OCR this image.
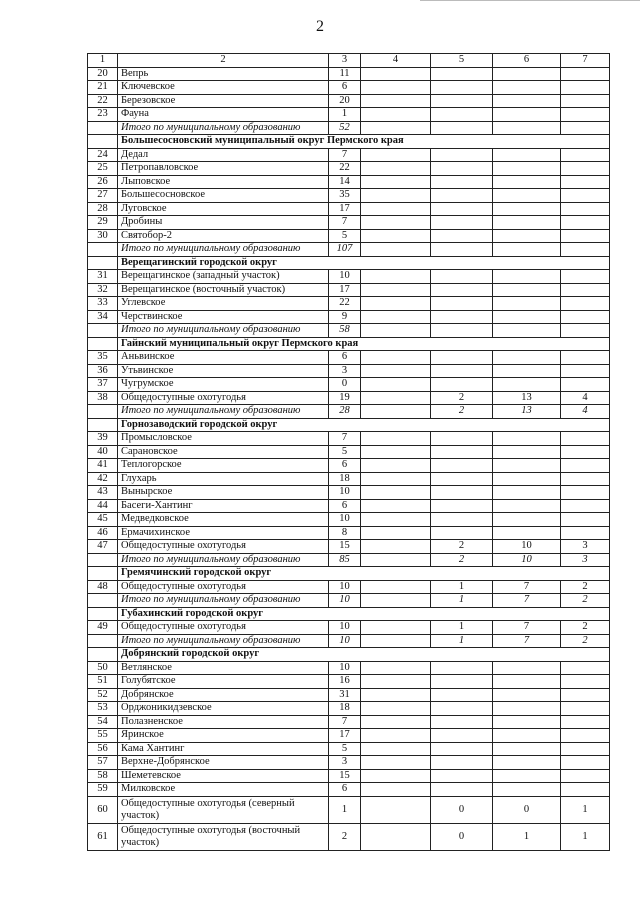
2
1	2	3	4	5	6	7
20	Вепрь	11				
21	Ключевское	6				
22	Березовское	20				
23	Фауна	1				
	Итого по муниципальному образованию	52				
	Большесосновский муниципальный округ Пермского края					
24	Дедал	7				
25	Петропавловское	22				
26	Лыповское	14				
27	Большесосновское	35				
28	Луговское	17				
29	Дробины	7				
30	Святобор-2	5				
	Итого по муниципальному образованию	107				
	Верещагинский городской округ					
31	Верещагинское (западный участок)	10				
32	Верещагинское (восточный участок)	17				
33	Углевское	22				
34	Черствинское	9				
	Итого по муниципальному образованию	58				
	Гайнский муниципальный округ Пермского края					
35	Аньвинское	6				
36	Утьвинское	3				
37	Чугрумское	0				
38	Общедоступные охотугодья	19		2	13	4
	Итого по муниципальному образованию	28		2	13	4
	Горнозаводский городской округ					
39	Промысловское	7				
40	Сарановское	5				
41	Теплогорское	6				
42	Глухарь	18				
43	Вынырское	10				
44	Басеги-Хантинг	6				
45	Медведковское	10				
46	Ермачихинское	8				
47	Общедоступные охотугодья	15		2	10	3
	Итого по муниципальному образованию	85		2	10	3
	Гремячинский городской округ					
48	Общедоступные охотугодья	10		1	7	2
	Итого по муниципальному образованию	10		1	7	2
	Губахинский городской округ					
49	Общедоступные охотугодья	10		1	7	2
	Итого по муниципальному образованию	10		1	7	2
	Добрянский городской округ					
50	Ветлянское	10				
51	Голубятское	16				
52	Добрянское	31				
53	Орджоникидзевское	18				
54	Полазненское	7				
55	Яринское	17				
56	Кама Хантинг	5				
57	Верхне-Добрянское	3				
58	Шеметевское	15				
59	Милковское	6				
60	Общедоступные охотугодья (северный участок)	1		0	0	1
61	Общедоступные охотугодья (восточный участок)	2		0	1	1
